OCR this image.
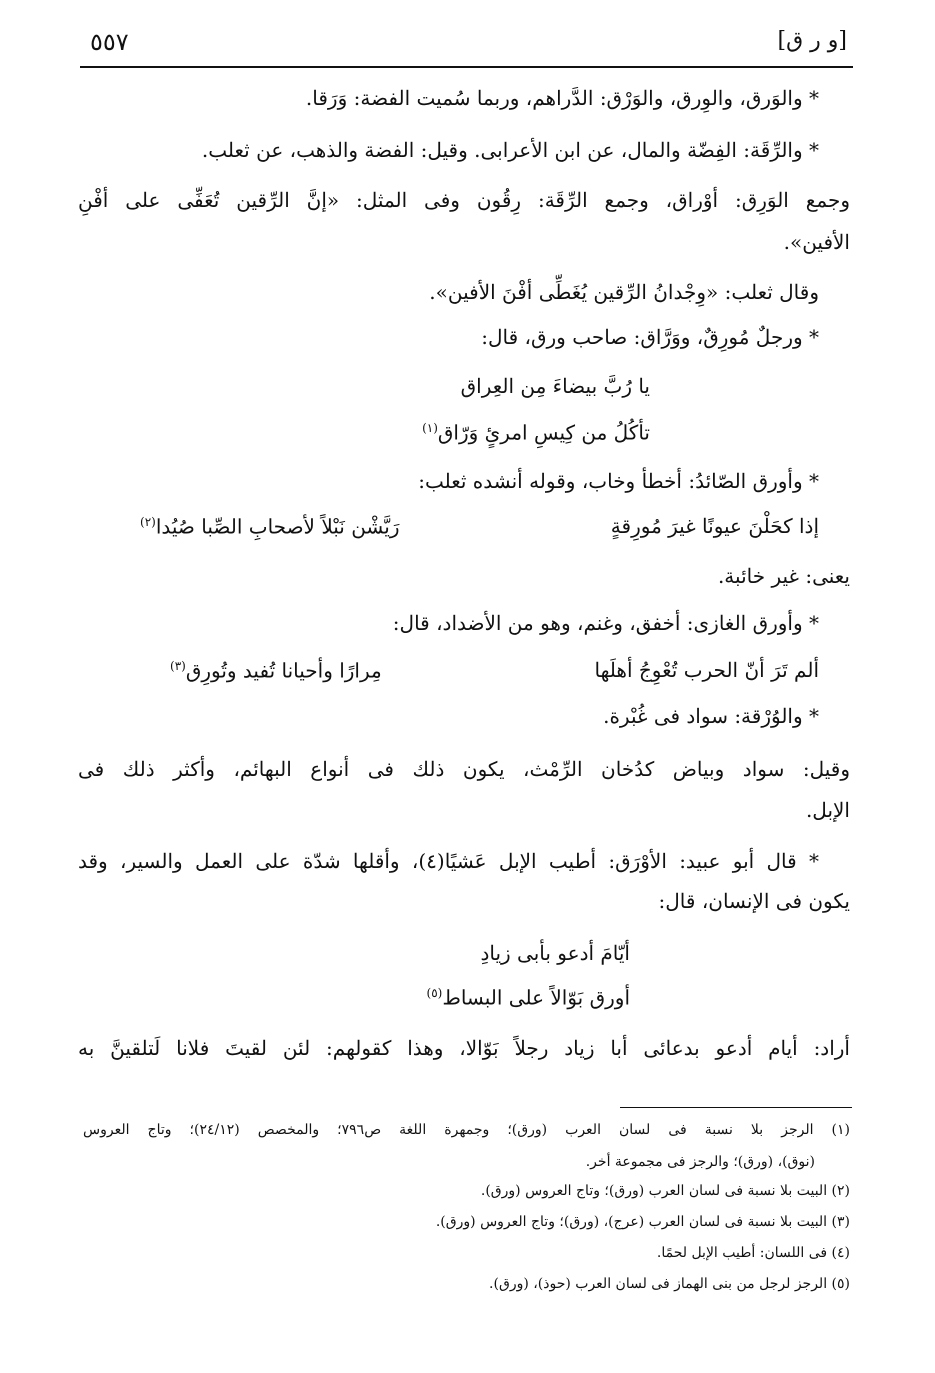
[و ر ق]
٥٥٧
* والوَرق، والوِرق، والوَرْق: الدَّراهم، وربما سُميت الفضة: وَرَقا.
* والرِّقَة: الفِضّة والمال، عن ابن الأعرابى. وقيل: الفضة والذهب، عن ثعلب.
وجمع الوَرِق: أوْراق، وجمع الرِّقَة: رِقُون وفى المثل: «إنَّ الرِّقين تُعَفِّى على أفْنِ
الأفين».
وقال ثعلب: «وِجْدانُ الرِّقين يُغَطِّى أفْنَ الأفين».
* ورجلٌ مُورِقٌ، ووَرَّاق: صاحب ورق، قال:
يا رُبَّ بيضاءَ مِن العِراق
تأكُلُ من كِيسِ امرئٍ وَرّاق$^{(١)}$
* وأورق الصّائدُ: أخطأ وخاب، وقوله أنشده ثعلب:
إذا كحَلْنَ عيونًا غيرَ مُورِقةٍ
رَيَّشْن نَبْلاً لأصحابِ الصِّبا صُيُدا$^{(٢)}$
يعنى: غير خائبة.
* وأورق الغازى: أخفق، وغنم، وهو من الأضداد، قال:
ألم تَرَ أنّ الحرب تُعْوِجُ أهلَها
مِرارًا وأحيانا تُفيد وتُورِق$^{(٣)}$
* والوُرْقة: سواد فى غُبْرة.
وقيل: سواد وبياض كدُخان الرِّمْث، يكون ذلك فى أنواع البهائم، وأكثر ذلك فى
الإبل.
* قال أبو عبيد: الأوْرَق: أطيب الإبل عَشيًا(٤)، وأقلها شدّة على العمل والسير، وقد
يكون فى الإنسان، قال:
أيّامَ أدعو بأبى زيادِ
أورق بَوّالاً على البساط$^{(٥)}$
أراد: أيام أدعو بدعائى أبا زياد رجلاً بَوّالا، وهذا كقولهم: لئن لقيتَ فلانا لَتلقينَّ به
(١) الرجز بلا نسبة فى لسان العرب (ورق)؛ وجمهرة اللغة ص٧٩٦؛ والمخصص (٢٤/١٢)؛ وتاج العروس
(نوق)، (ورق)؛ والرجز فى مجموعة أخر.
(٢) البيت بلا نسبة فى لسان العرب (ورق)؛ وتاج العروس (ورق).
(٣) البيت بلا نسبة فى لسان العرب (عرج)، (ورق)؛ وتاج العروس (ورق).
(٤) فى اللسان: أطيب الإبل لحمًا.
(٥) الرجز لرجل من بنى الهماز فى لسان العرب (حوذ)، (ورق).
